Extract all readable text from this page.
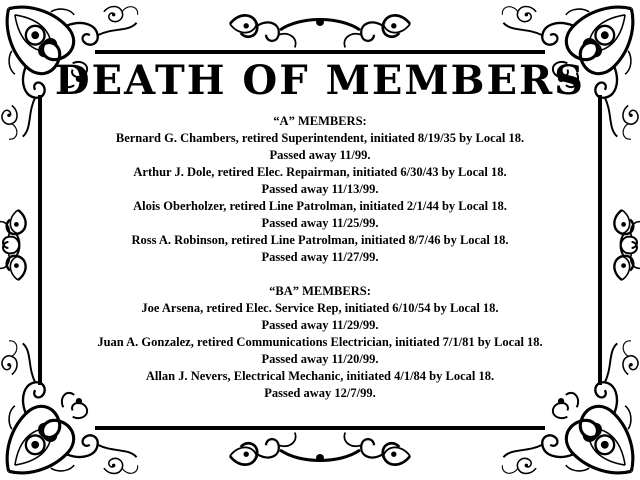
DEATH OF MEMBERS
“A” MEMBERS:
Bernard G. Chambers, retired Superintendent, initiated 8/19/35 by Local 18.
Passed away 11/99.
Arthur J. Dole, retired Elec. Repairman, initiated 6/30/43 by Local 18.
Passed away 11/13/99.
Alois Oberholzer, retired Line Patrolman, initiated 2/1/44 by Local 18.
Passed away 11/25/99.
Ross A. Robinson, retired Line Patrolman, initiated 8/7/46 by Local 18.
Passed away 11/27/99.
“BA” MEMBERS:
Joe Arsena, retired Elec. Service Rep, initiated 6/10/54 by Local 18.
Passed away 11/29/99.
Juan A. Gonzalez, retired Communications Electrician, initiated 7/1/81 by Local 18.
Passed away 11/20/99.
Allan J. Nevers, Electrical Mechanic, initiated 4/1/84 by Local 18.
Passed away 12/7/99.
